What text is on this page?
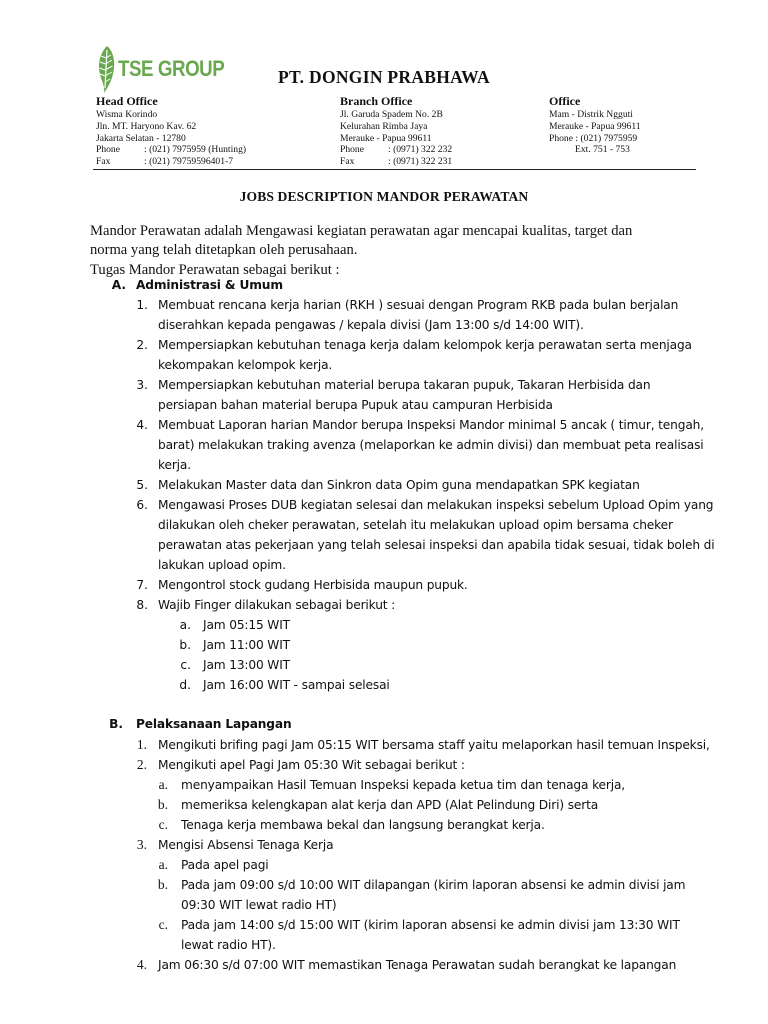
TSE GROUP	PT. DONGIN PRABHAWA
Head Office
Wisma Korindo
Jln. MT. Haryono Kav. 62
Jakarta Selatan - 12780
Phone	: (021) 7975959 (Hunting)
Fax	: (021) 79759596401-7
Branch Office
Jl. Garuda Spadem No. 2B
Kelurahan Rimba Jaya
Merauke - Papua 99611
Phone	: (0971) 322 232
Fax	: (0971) 322 231
Office
Mam - Distrik Ngguti
Merauke - Papua 99611
Phone : (021) 7975959
Ext. 751 - 753
JOBS DESCRIPTION MANDOR PERAWATAN
Mandor Perawatan adalah Mengawasi kegiatan perawatan agar mencapai kualitas, target dan
norma yang telah ditetapkan oleh perusahaan.
Tugas Mandor Perawatan sebagai berikut :
A. Administrasi & Umum
1. Membuat rencana kerja harian (RKH ) sesuai dengan Program RKB pada bulan berjalan
diserahkan kepada pengawas / kepala divisi (Jam 13:00 s/d 14:00 WIT).
2. Mempersiapkan kebutuhan tenaga kerja dalam kelompok kerja perawatan serta menjaga
kekompakan kelompok kerja.
3. Mempersiapkan kebutuhan material berupa takaran pupuk, Takaran Herbisida dan
persiapan bahan material berupa Pupuk atau campuran Herbisida
4. Membuat Laporan harian Mandor berupa Inspeksi Mandor minimal 5 ancak ( timur, tengah,
barat) melakukan traking avenza (melaporkan ke admin divisi) dan membuat peta realisasi
kerja.
5. Melakukan Master data dan Sinkron data Opim guna mendapatkan SPK kegiatan
6. Mengawasi Proses DUB kegiatan selesai dan melakukan inspeksi sebelum Upload Opim yang
dilakukan oleh cheker perawatan, setelah itu melakukan upload opim bersama cheker
perawatan atas pekerjaan yang telah selesai inspeksi dan apabila tidak sesuai, tidak boleh di
lakukan upload opim.
7. Mengontrol stock gudang Herbisida maupun pupuk.
8. Wajib Finger dilakukan sebagai berikut :
a. Jam 05:15 WIT
b. Jam 11:00 WIT
c. Jam 13:00 WIT
d. Jam 16:00 WIT - sampai selesai
B. Pelaksanaan Lapangan
1. Mengikuti brifing pagi Jam 05:15 WIT bersama staff yaitu melaporkan hasil temuan Inspeksi,
2. Mengikuti apel Pagi Jam 05:30 Wit sebagai berikut :
a. menyampaikan Hasil Temuan Inspeksi kepada ketua tim dan tenaga kerja,
b. memeriksa kelengkapan alat kerja dan APD (Alat Pelindung Diri) serta
c. Tenaga kerja membawa bekal dan langsung berangkat kerja.
3. Mengisi Absensi Tenaga Kerja
a. Pada apel pagi
b. Pada jam 09:00 s/d 10:00 WIT dilapangan (kirim laporan absensi ke admin divisi jam
09:30 WIT lewat radio HT)
c. Pada jam 14:00 s/d 15:00 WIT (kirim laporan absensi ke admin divisi jam 13:30 WIT
lewat radio HT).
4. Jam 06:30 s/d 07:00 WIT memastikan Tenaga Perawatan sudah berangkat ke lapangan
